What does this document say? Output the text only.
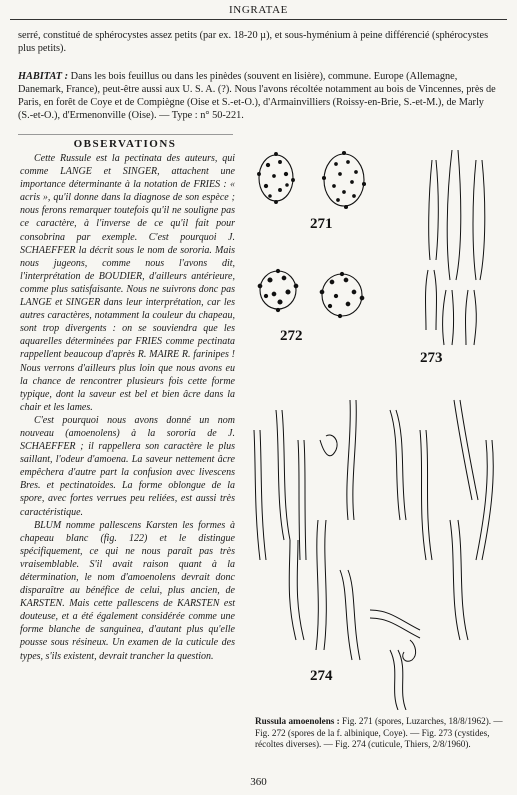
INGRATAE
serré, constitué de sphérocystes assez petits (par ex. 18-20 µ), et sous-hyménium à peine différencié (sphérocystes plus petits).
HABITAT : Dans les bois feuillus ou dans les pinèdes (souvent en lisière), commune. Europe (Allemagne, Danemark, France), peut-être aussi aux U. S. A. (?). Nous l'avons récoltée notamment au bois de Vincennes, près de Paris, en forêt de Coye et de Compiègne (Oise et S.-et-O.), d'Armainvilliers (Roissy-en-Brie, S.-et-M.), de Marly (S.-et-O.), d'Ermenonville (Oise). — Type : n° 50-221.
OBSERVATIONS

Cette Russule est la pectinata des auteurs, qui comme LANGE et SINGER, attachent une importance déterminante à la notation de FRIES : « acris », qu'il donne dans la diagnose de son espèce ; nous ferons remarquer toutefois qu'il ne souligne pas ce caractère, à l'inverse de ce qu'il fait pour consobrina par exemple. C'est pourquoi J. SCHAEFFER la décrit sous le nom de sororia. Mais nous jugeons, comme nous l'avons dit, l'interprétation de BOUDIER, d'ailleurs antérieure, comme plus satisfaisante. Nous ne suivrons donc pas LANGE et SINGER dans leur interprétation, car les autres caractères, notamment la couleur du chapeau, sont trop divergents : on se souviendra que les aquarelles déterminées par FRIES comme pectinata rappellent beaucoup d'après R. MAIRE R. farinipes ! Nous verrons d'ailleurs plus loin que nous avons eu la chance de rencontrer plusieurs fois cette forme typique, dont la saveur est bel et bien âcre dans la chair et les lames.

C'est pourquoi nous avons donné un nom nouveau (amoenolens) à la sororia de J. SCHAEFFER ; il rappellera son caractère le plus saillant, l'odeur d'amoena. La saveur nettement âcre empêchera d'autre part la confusion avec livescens Bres. et pectinatoides. La forme oblongue de la spore, avec fortes verrues peu reliées, est aussi très caractéristique.

BLUM nomme pallescens Karsten les formes à chapeau blanc (fig. 122) et le distingue spécifiquement, ce qui ne nous paraît pas très vraisemblable. S'il avait raison quant à la détermination, le nom d'amoenolens devrait donc disparaître au bénéfice de celui, plus ancien, de KARSTEN. Mais cette pallescens de KARSTEN est douteuse, et a été également considérée comme une forme blanche de sanguinea, d'autant plus qu'elle pousse sous résineux. Un examen de la cuticule des types, s'ils existent, devrait trancher la question.

271
272
273
274
Russula amoenolens : Fig. 271 (spores, Luzarches, 18/8/1962). — Fig. 272 (spores de la f. albinique, Coye). — Fig. 273 (cystides, récoltes diverses). — Fig. 274 (cuticule, Thiers, 2/8/1960).
360
